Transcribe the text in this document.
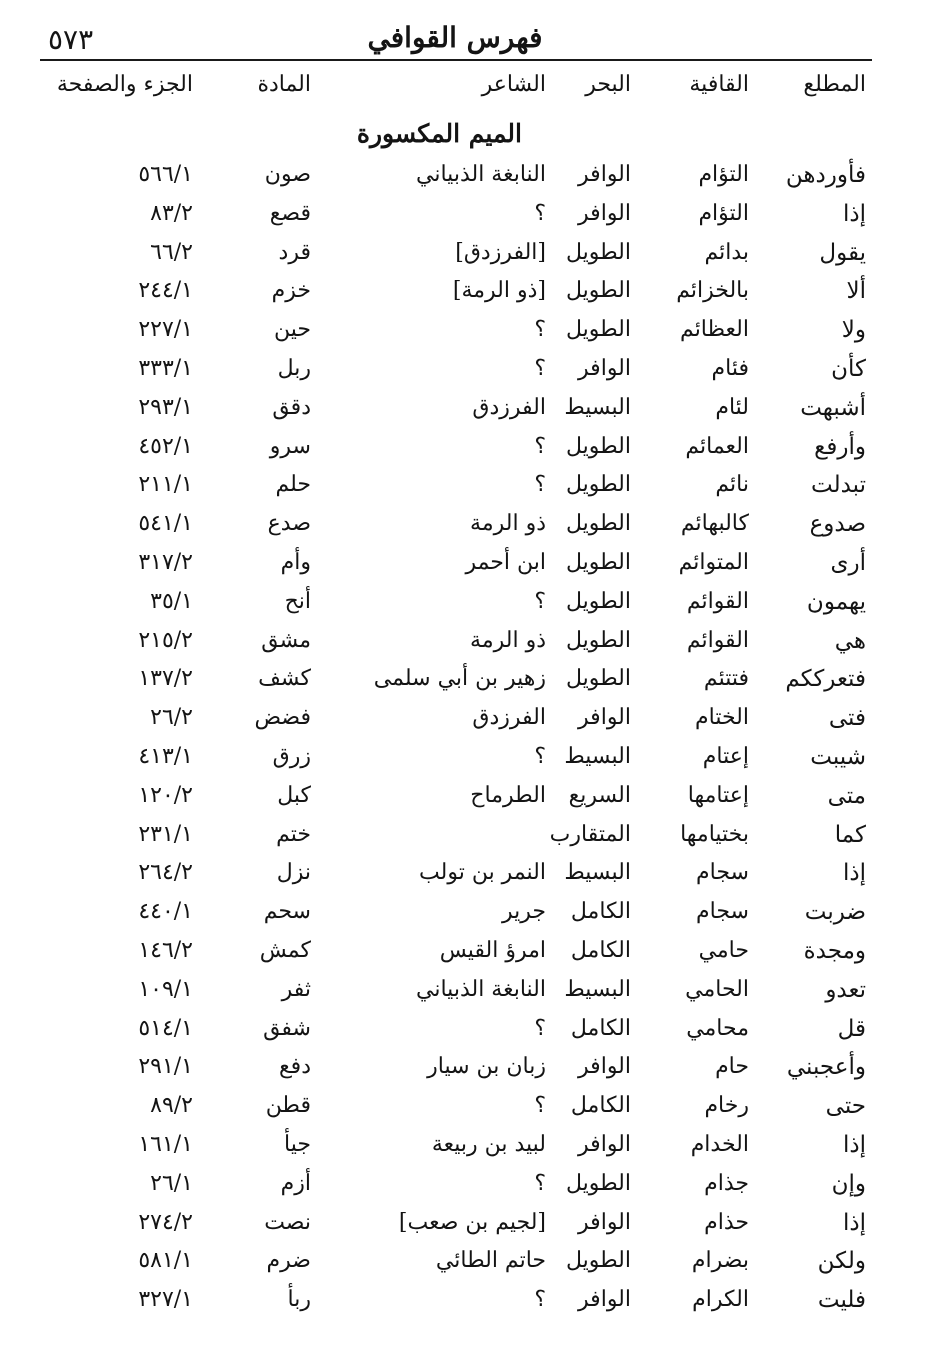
٥٧٣	فهرس القوافي
المطلع
القافية
البحر
الشاعر
المادة
الجزء والصفحة
الميم المكسورة
فأوردهن
التؤام
الوافر
النابغة الذبياني
صون
٥٦٦/١
إذا
التؤام
الوافر
؟
قصع
٨٣/٢
يقول
بدائم
الطويل
[الفرزدق]
قرد
٦٦/٢
ألا
بالخزائم
الطويل
[ذو الرمة]
خزم
٢٤٤/١
ولا
العظائم
الطويل
؟
حين
٢٢٧/١
كأن
فئام
الوافر
؟
ربل
٣٣٣/١
أشبهت
لئام
البسيط
الفرزدق
دقق
٢٩٣/١
وأرفع
العمائم
الطويل
؟
سرو
٤٥٢/١
تبدلت
نائم
الطويل
؟
حلم
٢١١/١
صدوع
كالبهائم
الطويل
ذو الرمة
صدع
٥٤١/١
أرى
المتوائم
الطويل
ابن أحمر
وأم
٣١٧/٢
يهمون
القوائم
الطويل
؟
أنح
٣٥/١
هي
القوائم
الطويل
ذو الرمة
مشق
٢١٥/٢
فتعرككم
فتتئم
الطويل
زهير بن أبي سلمى
كشف
١٣٧/٢
فتى
الختام
الوافر
الفرزدق
فضض
٢٦/٢
شيبت
إعتام
البسيط
؟
زرق
٤١٣/١
متى
إعتامها
السريع
الطرماح
كبل
١٢٠/٢
كما
بختيامها
المتقارب
ختم
٢٣١/١
إذا
سجام
البسيط
النمر بن تولب
نزل
٢٦٤/٢
ضربت
سجام
الكامل
جرير
سحم
٤٤٠/١
ومجدة
حامي
الكامل
امرؤ القيس
كمش
١٤٦/٢
تعدو
الحامي
البسيط
النابغة الذبياني
ثفر
١٠٩/١
قل
محامي
الكامل
؟
شفق
٥١٤/١
وأعجبني
حام
الوافر
زبان بن سيار
دفع
٢٩١/١
حتى
رخام
الكامل
؟
قطن
٨٩/٢
إذا
الخدام
الوافر
لبيد بن ربيعة
جيأ
١٦١/١
وإن
جذام
الطويل
؟
أزم
٢٦/١
إذا
حذام
الوافر
[لجيم بن صعب]
نصت
٢٧٤/٢
ولكن
بضرام
الطويل
حاتم الطائي
ضرم
٥٨١/١
فليت
الكرام
الوافر
؟
ربأ
٣٢٧/١
